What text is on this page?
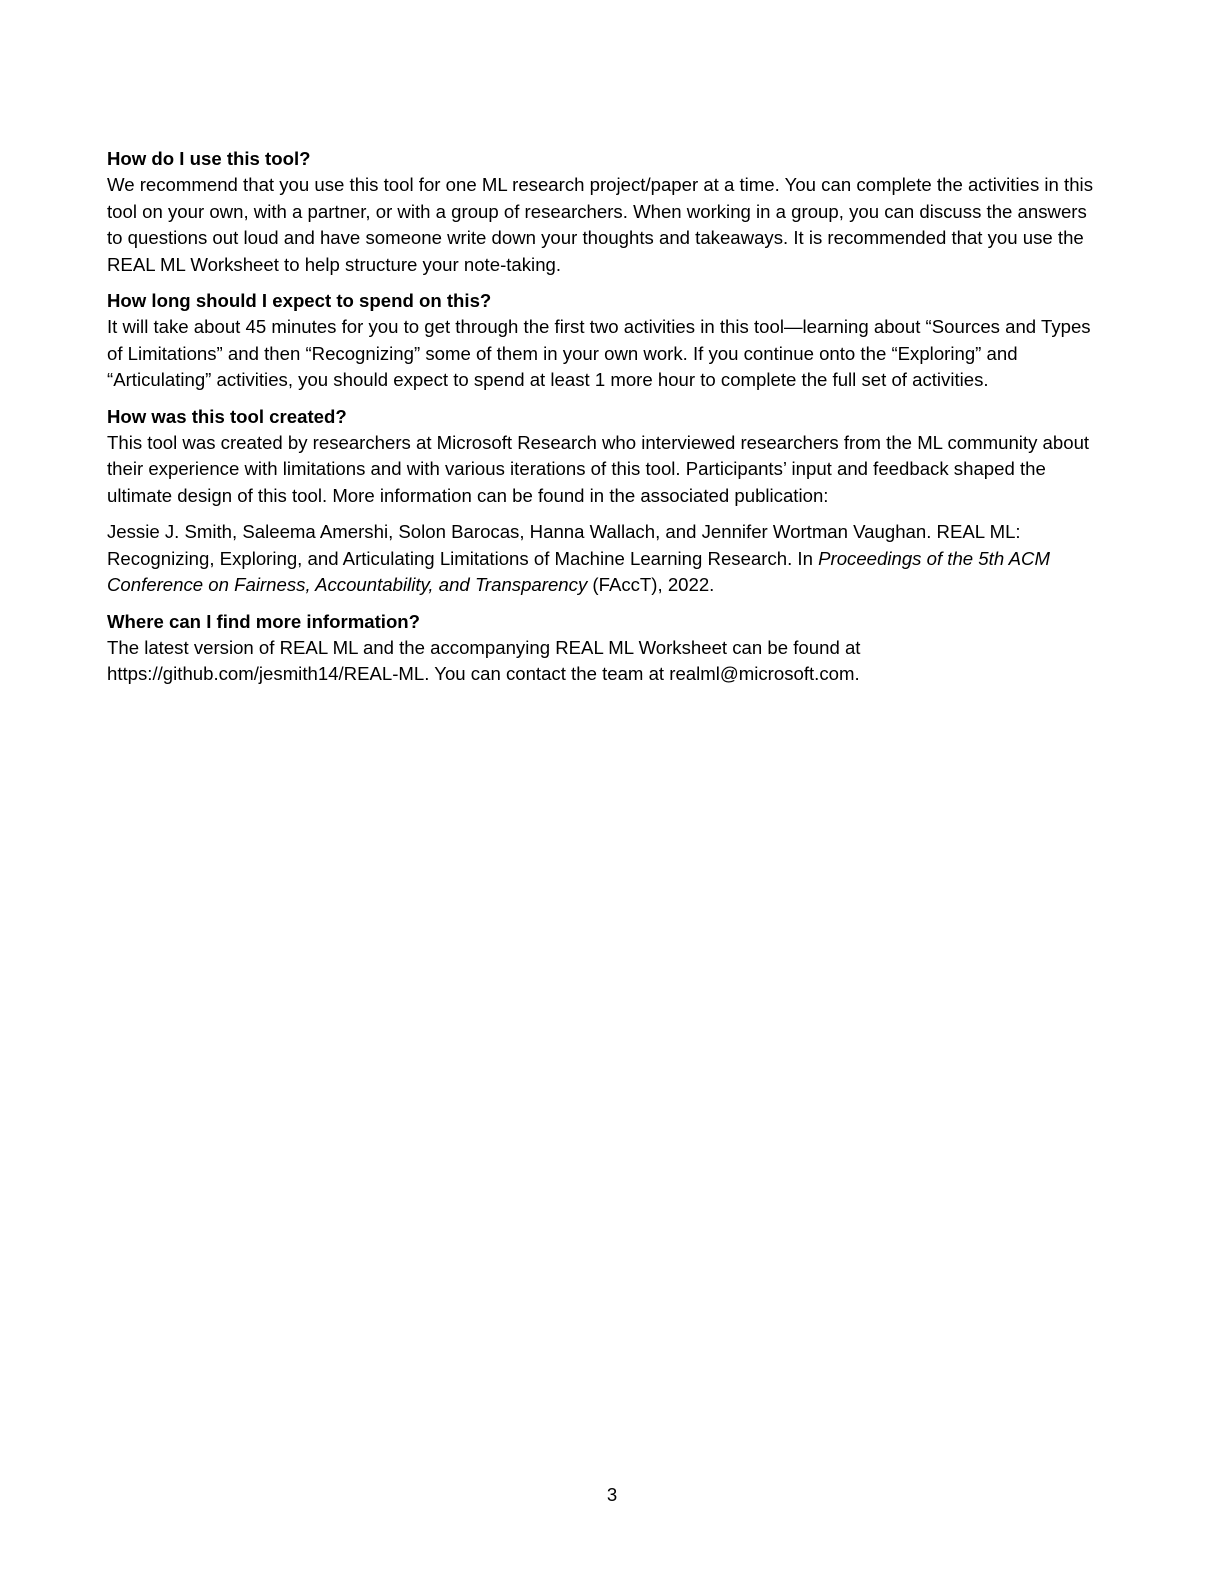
How do I use this tool?

We recommend that you use this tool for one ML research project/paper at a time. You can complete the activities in this tool on your own, with a partner, or with a group of researchers. When working in a group, you can discuss the answers to questions out loud and have someone write down your thoughts and takeaways. It is recommended that you use the REAL ML Worksheet to help structure your note-taking.

How long should I expect to spend on this?

It will take about 45 minutes for you to get through the first two activities in this tool—learning about “Sources and Types of Limitations” and then “Recognizing” some of them in your own work. If you continue onto the “Exploring” and “Articulating” activities, you should expect to spend at least 1 more hour to complete the full set of activities.

How was this tool created?

This tool was created by researchers at Microsoft Research who interviewed researchers from the ML community about their experience with limitations and with various iterations of this tool. Participants’ input and feedback shaped the ultimate design of this tool. More information can be found in the associated publication:

Jessie J. Smith, Saleema Amershi, Solon Barocas, Hanna Wallach, and Jennifer Wortman Vaughan. REAL ML: Recognizing, Exploring, and Articulating Limitations of Machine Learning Research. In Proceedings of the 5th ACM Conference on Fairness, Accountability, and Transparency (FAccT), 2022.

Where can I find more information?

The latest version of REAL ML and the accompanying REAL ML Worksheet can be found at https://github.com/jesmith14/REAL-ML. You can contact the team at realml@microsoft.com.

3
